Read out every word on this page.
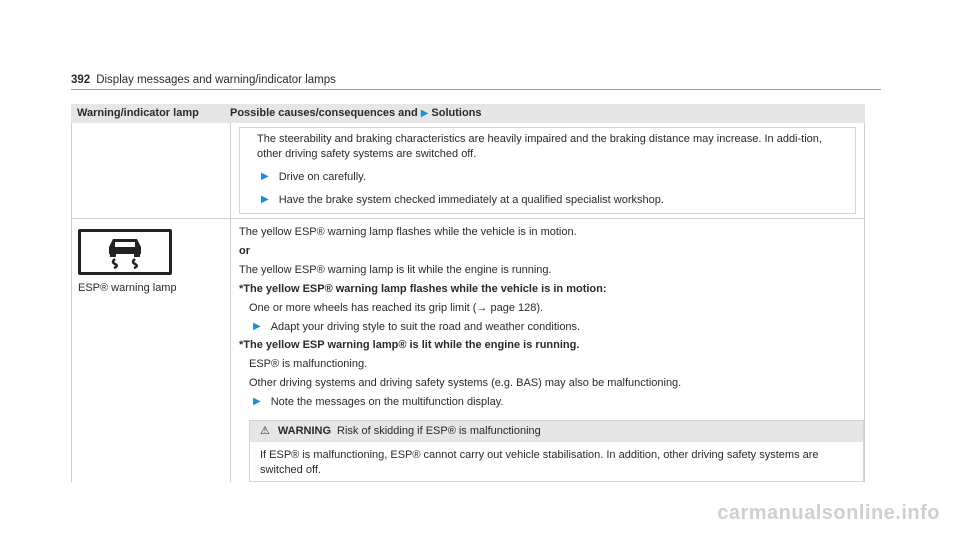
392 Display messages and warning/indicator lamps
Warning/indicator lamp	Possible causes/consequences and ▶ Solutions

The steerability and braking characteristics are heavily impaired and the braking distance may increase. In addi-tion, other driving safety systems are switched off.

▶ Drive on carefully.
▶ Have the brake system checked immediately at a qualified specialist workshop.
ESP® warning lamp

The yellow ESP® warning lamp flashes while the vehicle is in motion.

or

The yellow ESP® warning lamp is lit while the engine is running.

*The yellow ESP® warning lamp flashes while the vehicle is in motion:

One or more wheels has reached its grip limit (→ page 128).

▶ Adapt your driving style to suit the road and weather conditions.

*The yellow ESP warning lamp® is lit while the engine is running.

ESP® is malfunctioning.

Other driving systems and driving safety systems (e.g. BAS) may also be malfunctioning.

▶ Note the messages on the multifunction display.
⚠ WARNING Risk of skidding if ESP® is malfunctioning
If ESP® is malfunctioning, ESP® cannot carry out vehicle stabilisation. In addition, other driving safety systems are switched off.
carmanualsonline.info
